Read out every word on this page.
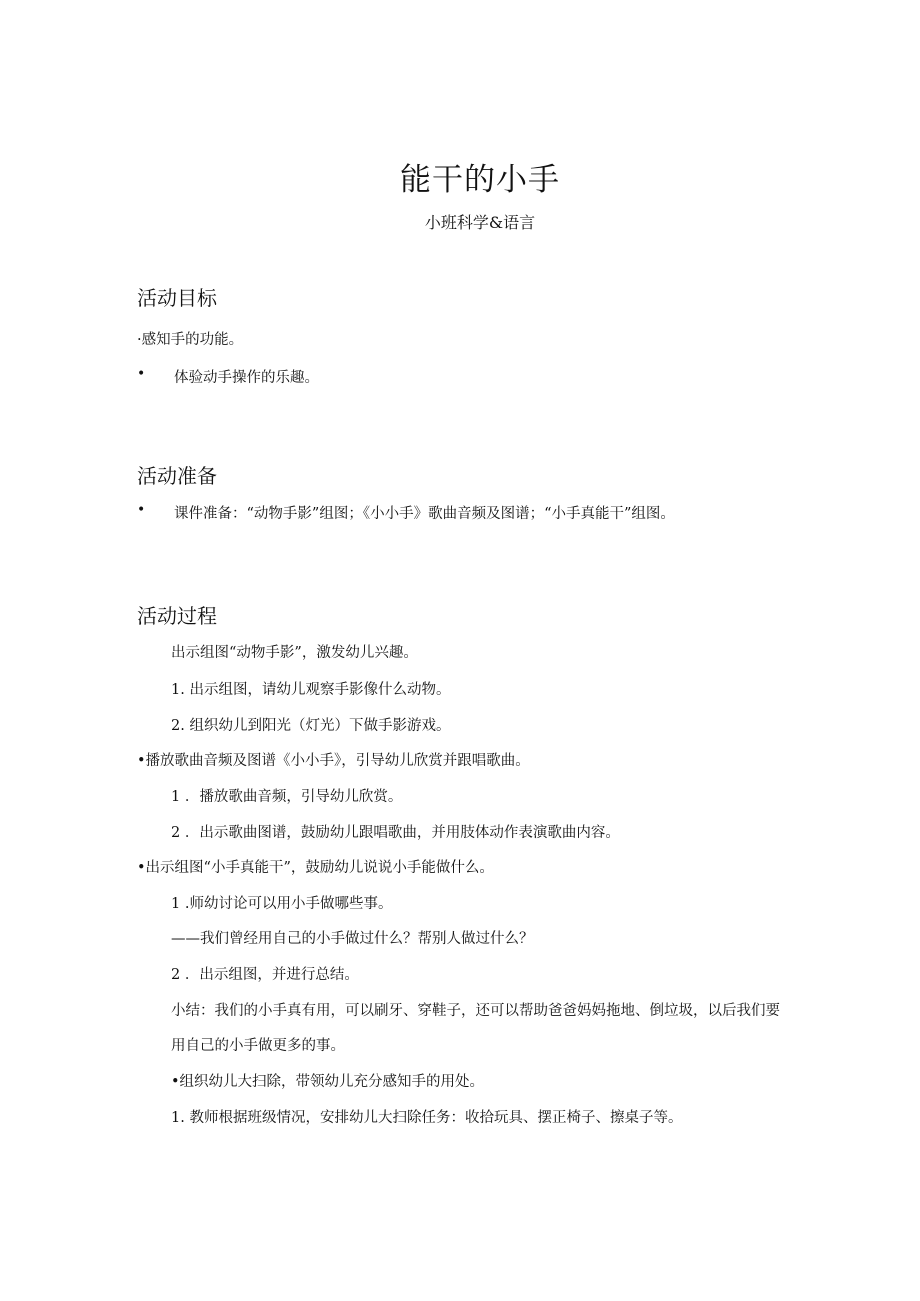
能干的小手
小班科学&语言
活动目标
·感知手的功能。
• 体验动手操作的乐趣。
活动准备
• 课件准备：“动物手影”组图；《小小手》歌曲音频及图谱；“小手真能干”组图。
活动过程
出示组图“动物手影”，激发幼儿兴趣。
1. 出示组图，请幼儿观察手影像什么动物。
2. 组织幼儿到阳光（灯光）下做手影游戏。
•播放歌曲音频及图谱《小小手》，引导幼儿欣赏并跟唱歌曲。
1 ．播放歌曲音频，引导幼儿欣赏。
2 ．出示歌曲图谱，鼓励幼儿跟唱歌曲，并用肢体动作表演歌曲内容。
•出示组图“小手真能干”，鼓励幼儿说说小手能做什么。
1 .师幼讨论可以用小手做哪些事。
——我们曾经用自己的小手做过什么？帮别人做过什么？
2 ．出示组图，并进行总结。
小结：我们的小手真有用，可以刷牙、穿鞋子，还可以帮助爸爸妈妈拖地、倒垃圾，以后我们要
用自己的小手做更多的事。
•组织幼儿大扫除，带领幼儿充分感知手的用处。
1. 教师根据班级情况，安排幼儿大扫除任务：收拾玩具、摆正椅子、擦桌子等。
